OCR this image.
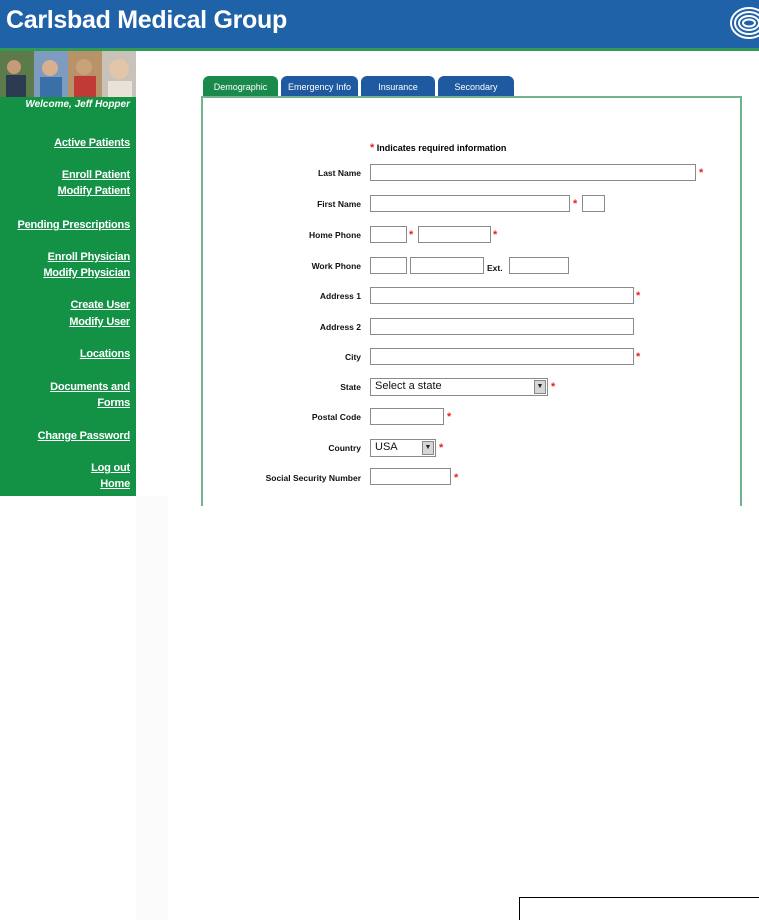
Carlsbad Medical Group
Welcome, Jeff Hopper
Active Patients
Enroll Patient
Modify Patient
Pending Prescriptions
Enroll Physician
Modify Physician
Create User
Modify User
Locations
Documents and
Forms
Change Password
Log out
Home
Demographic	Emergency Info	Insurance	Secondary
* Indicates required information
Last Name	*
First Name	*
Home Phone	*	*
Work Phone	Ext.
Address 1	*
Address 2
City	*
State	Select a state	▼ *
Postal Code	*
Country	USA	▼ *
Social Security Number	*
